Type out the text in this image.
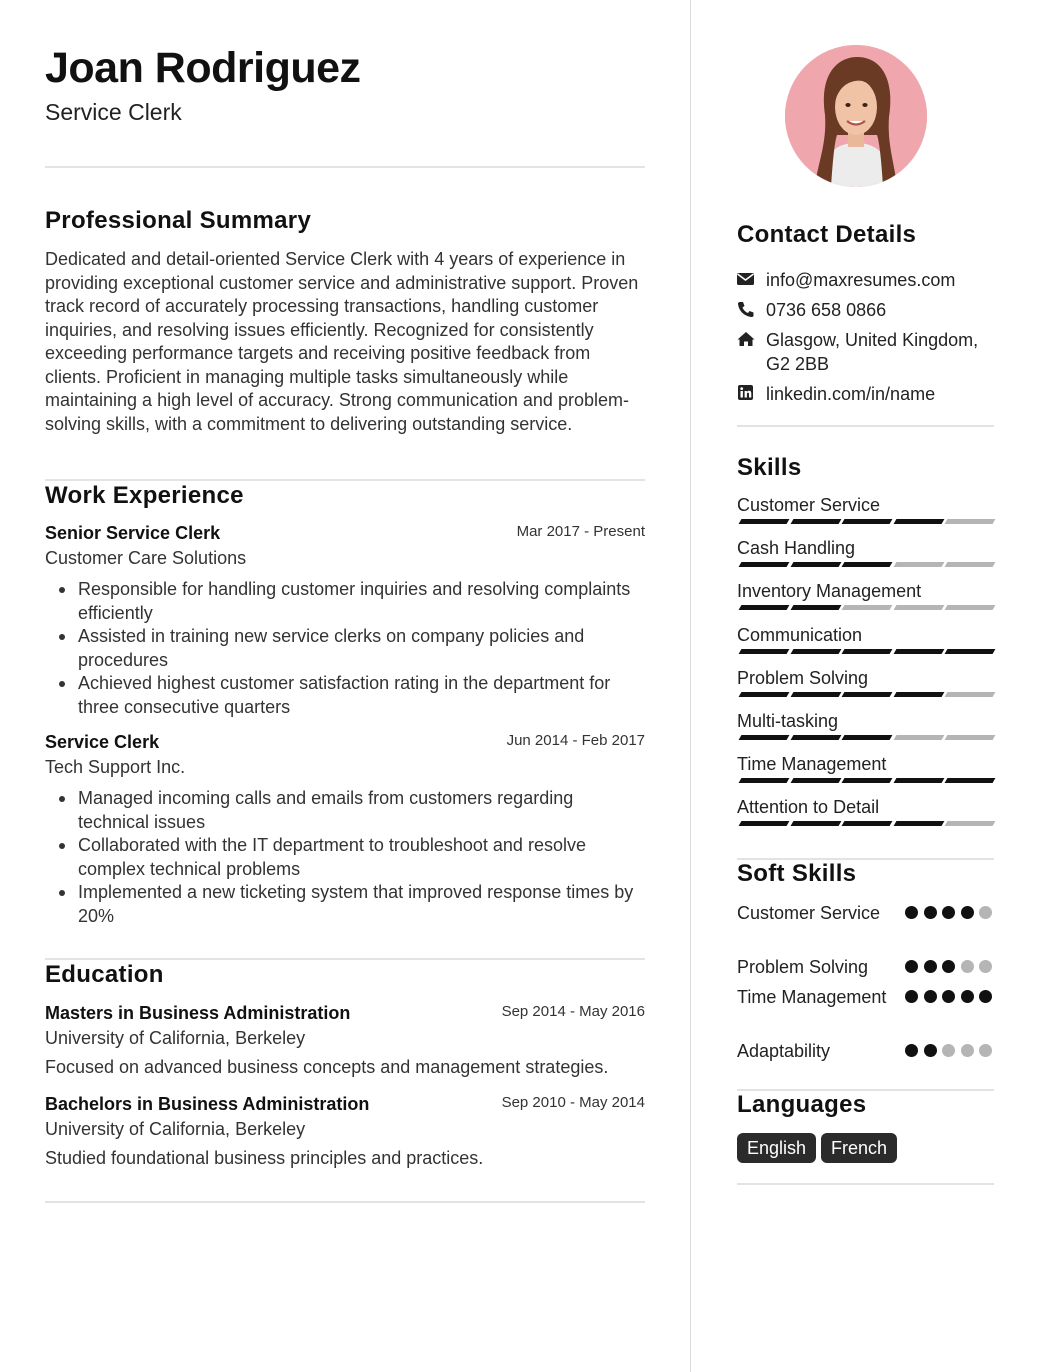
Joan Rodriguez
Service Clerk
Professional Summary
Dedicated and detail-oriented Service Clerk with 4 years of experience in providing exceptional customer service and administrative support. Proven track record of accurately processing transactions, handling customer inquiries, and resolving issues efficiently. Recognized for consistently exceeding performance targets and receiving positive feedback from clients. Proficient in managing multiple tasks simultaneously while maintaining a high level of accuracy. Strong communication and problem-solving skills, with a commitment to delivering outstanding service.
Work Experience
Senior Service Clerk	Mar 2017 - Present
Customer Care Solutions
Responsible for handling customer inquiries and resolving complaints efficiently
Assisted in training new service clerks on company policies and procedures
Achieved highest customer satisfaction rating in the department for three consecutive quarters
Service Clerk	Jun 2014 - Feb 2017
Tech Support Inc.
Managed incoming calls and emails from customers regarding technical issues
Collaborated with the IT department to troubleshoot and resolve complex technical problems
Implemented a new ticketing system that improved response times by 20%
Education
Masters in Business Administration	Sep 2014 - May 2016
University of California, Berkeley
Focused on advanced business concepts and management strategies.
Bachelors in Business Administration	Sep 2010 - May 2014
University of California, Berkeley
Studied foundational business principles and practices.
Contact Details
info@maxresumes.com
0736 658 0866
Glasgow, United Kingdom, G2 2BB
linkedin.com/in/name
Skills
Customer Service
Cash Handling
Inventory Management
Communication
Problem Solving
Multi-tasking
Time Management
Attention to Detail
Soft Skills
Customer Service
Problem Solving
Time Management
Adaptability
Languages
English	French
